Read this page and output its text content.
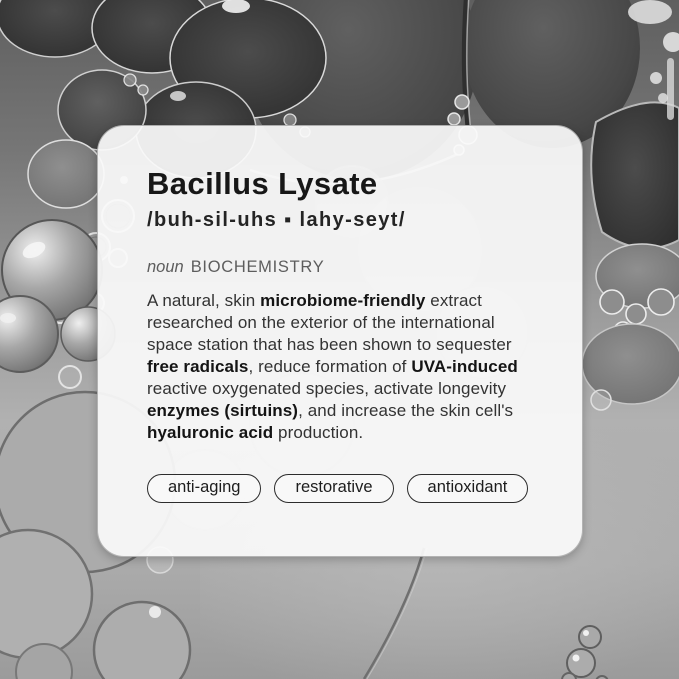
Bacillus Lysate
/buh-sil-uhs ▪ lahy-seyt/
noun BIOCHEMISTRY

A natural, skin microbiome-friendly extract
researched on the exterior of the international
space station that has been shown to sequester
free radicals, reduce formation of UVA-induced
reactive oxygenated species, activate longevity
enzymes (sirtuins), and increase the skin cell's
hyaluronic acid production.

anti-aging	restorative	antioxidant
